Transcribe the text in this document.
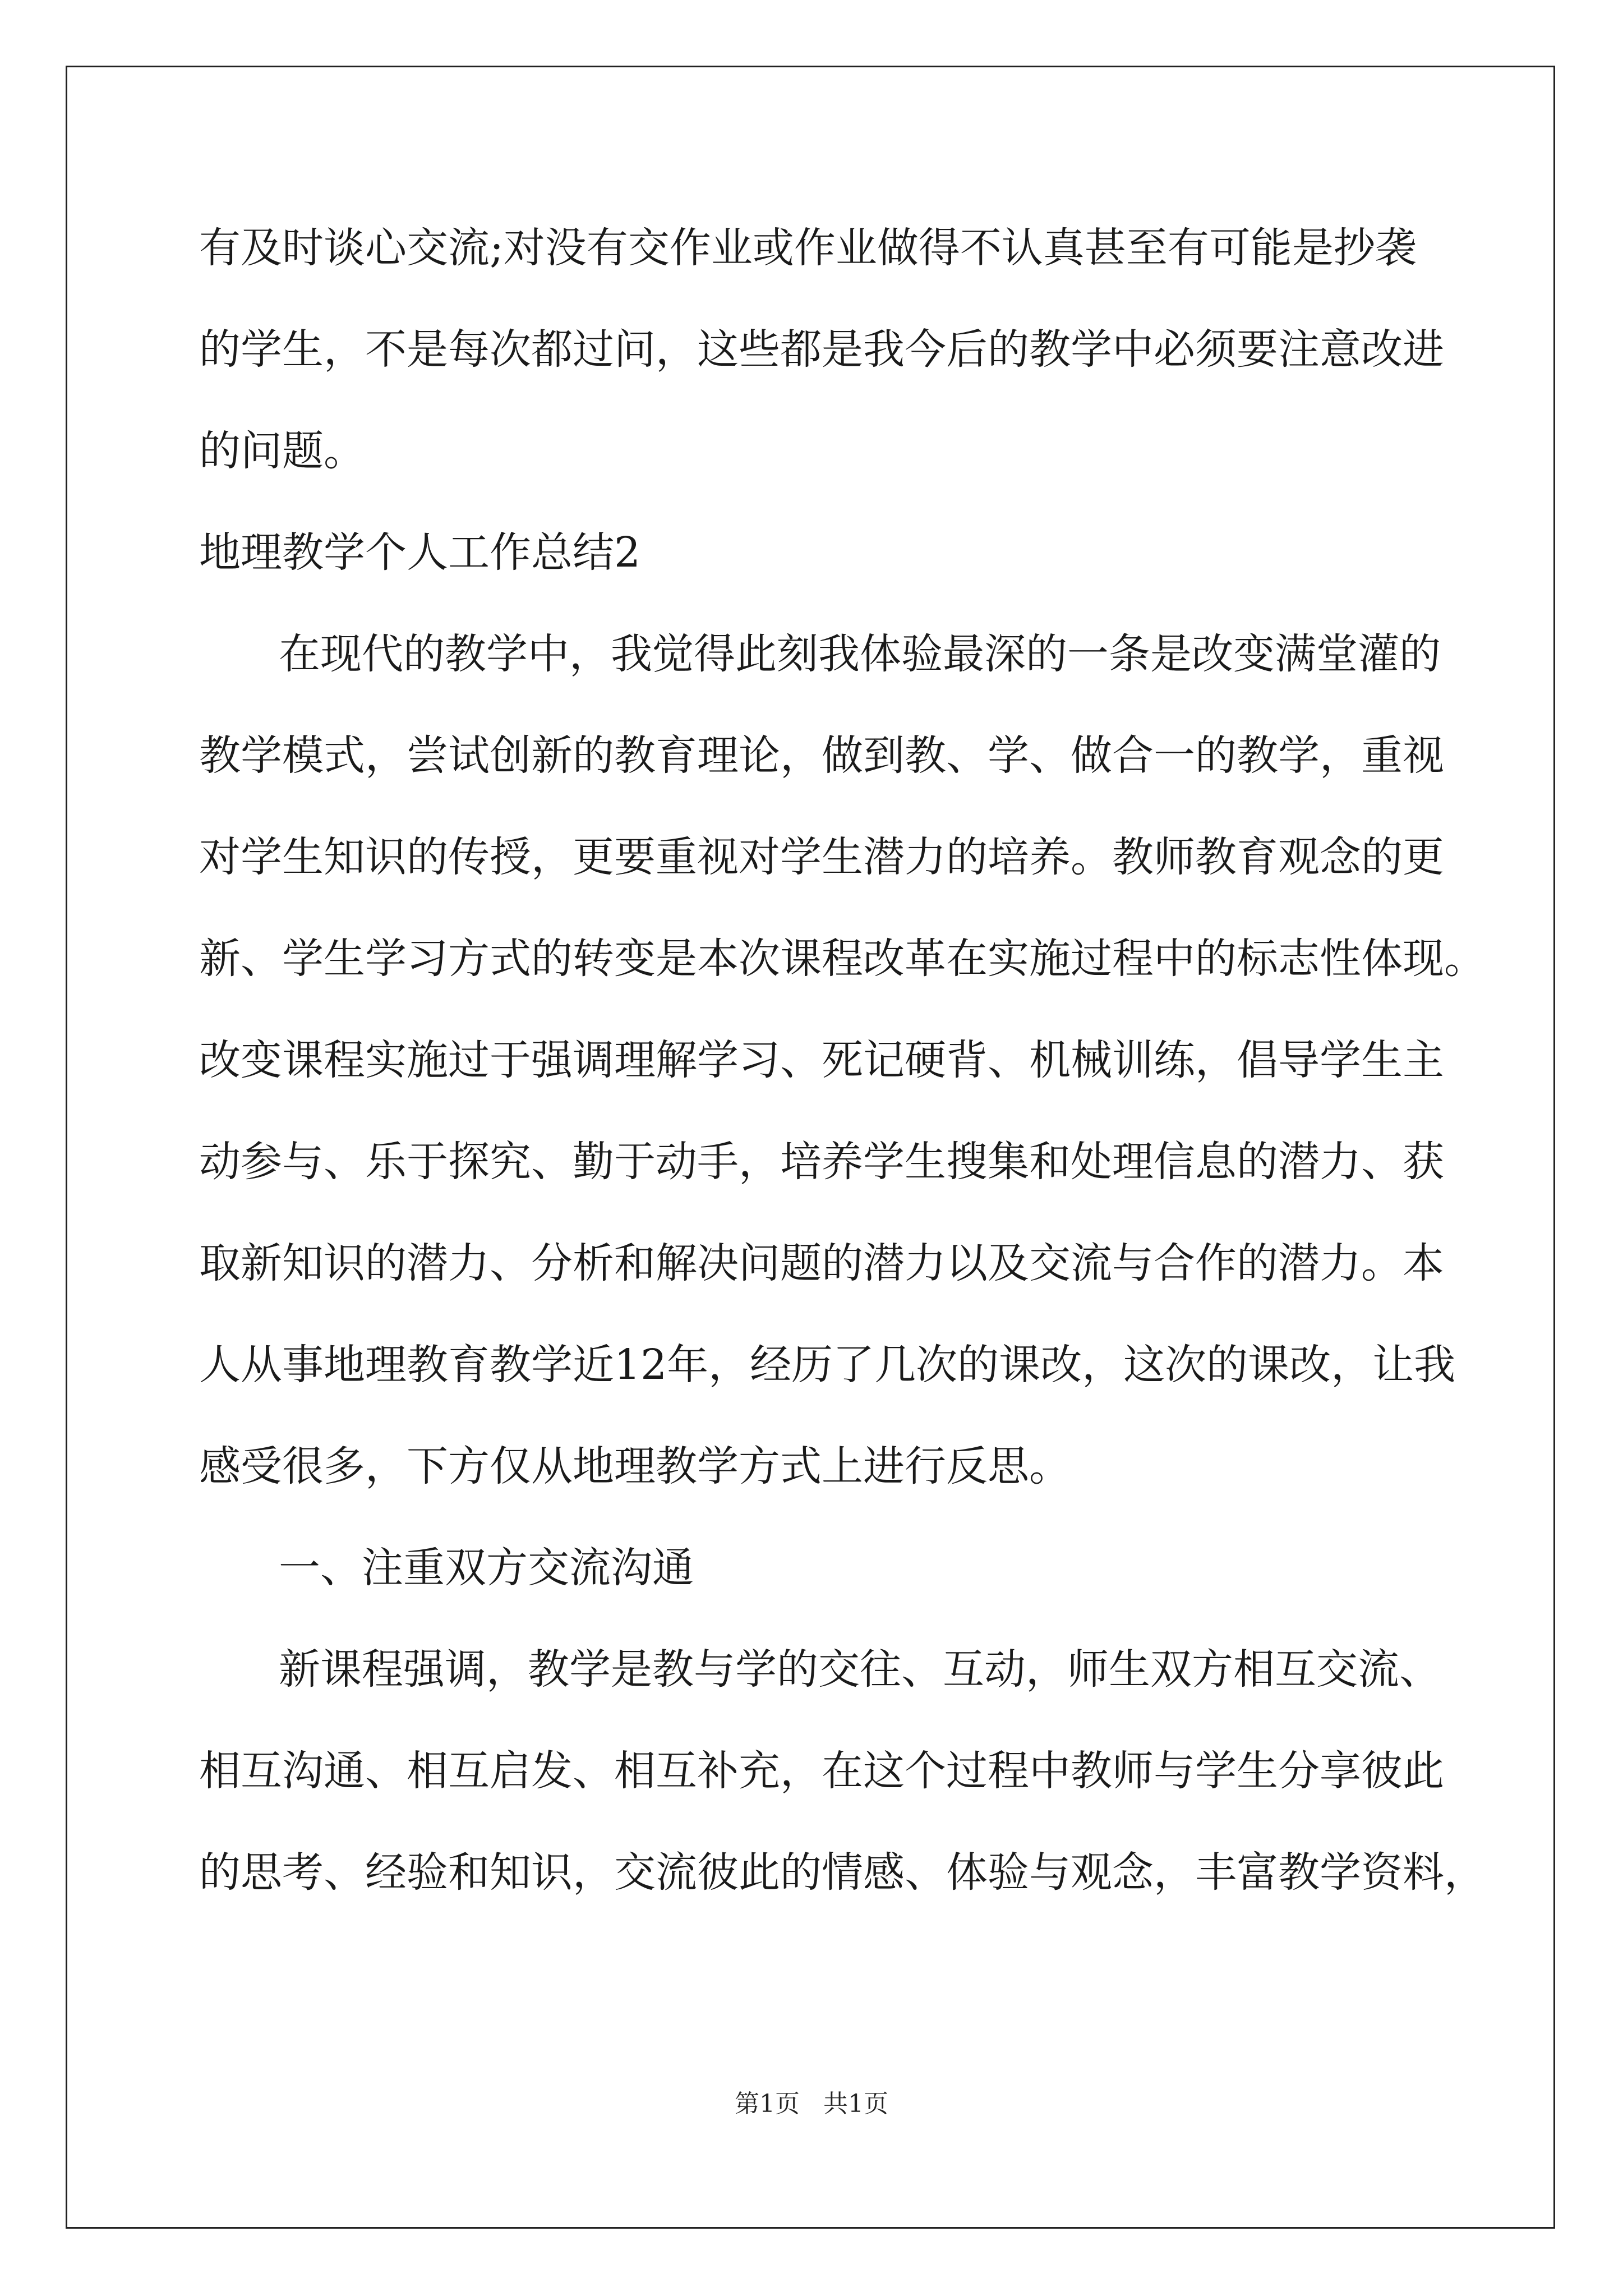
有及时谈心交流;对没有交作业或作业做得不认真甚至有可能是抄袭
的学生，不是每次都过问，这些都是我今后的教学中必须要注意改进
的问题。
地理教学个人工作总结2
在现代的教学中，我觉得此刻我体验最深的一条是改变满堂灌的
教学模式，尝试创新的教育理论，做到教、学、做合一的教学，重视
对学生知识的传授，更要重视对学生潜力的培养。教师教育观念的更
新、学生学习方式的转变是本次课程改革在实施过程中的标志性体现。
改变课程实施过于强调理解学习、死记硬背、机械训练，倡导学生主
动参与、乐于探究、勤于动手，培养学生搜集和处理信息的潜力、获
取新知识的潜力、分析和解决问题的潜力以及交流与合作的潜力。本
人从事地理教育教学近12年，经历了几次的课改，这次的课改，让我
感受很多，下方仅从地理教学方式上进行反思。
一、注重双方交流沟通
新课程强调，教学是教与学的交往、互动，师生双方相互交流、
相互沟通、相互启发、相互补充，在这个过程中教师与学生分享彼此
的思考、经验和知识，交流彼此的情感、体验与观念，丰富教学资料，
第1页   共1页
